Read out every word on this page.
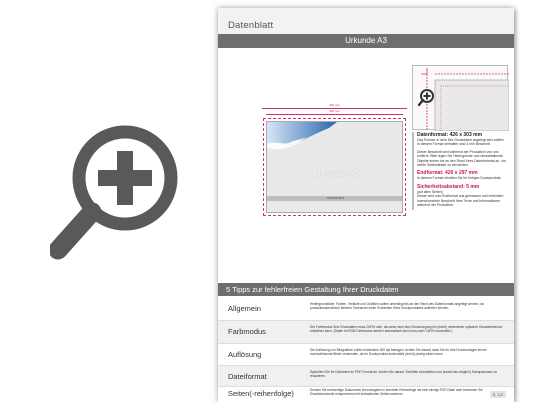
Datenblatt
Urkunde A3
426 mm
420 mm
Urkunde A3
HOCHSCHULE
Datenformat: 426 x 303 mm
Das Format, in dem Ihre Druckdaten angelegt sein sollten. In diesem Format verhalten sind 3 mm Beschnitt.
Dieser Beschnitt wird während der Produktion von uns entfernt. Bitte legen Sie Hintergründe und randabfallende Objekte immer bis an den Rand Ihres Datenformats an, um weiße Seitenränder zu vermeiden.
Endformat: 420 x 297 mm
In diesem Format erhalten Sie Ihr fertiges Druckprodukt.
Sicherheitsabstand: 5 mm
(auf allen Seiten)
Dieser wird vom Endformat aus gemessen und verhindert unerwünschten Beschnitt Ihrer Texte und Informationen während der Produktion.
5 Tipps zur fehlerfreien Gestaltung Ihrer Druckdaten
Allgemein	Hintergrundbilder, Farben, Verläufe und Grafiken sollten unbedingt bis an den Rand des Datenformats angelegt werden, da produktionstechnisch kleinere Toleranzen beim Schneiden Ihres Druckproduktes auftreten können.
Farbmodus	Der Farbmodus Ihrer Druckdaten muss CMYK sein, da sonst nach dem Druckvorgang ein (leicht) veränderter optischer Gesamteindruck entstehen kann. (Daten im RGB-Farbmodus werden automatisch durch uns nach CMYK konvertiert.)
Auflösung	Die Auflösung von Bildgrafiken sollte mindestens 300 dpi betragen. Achten Sie darauf, dass Sie für Ihre Druckvorlagen immer hochauflösende Bilder verwenden, da Ihr Druckprodukt andernfalls (leicht) pixelig wirken kann.
Dateiformat	Speichern Sie Ihr Dokument im PDF-Format ab. Achten Sie darauf, Schriften einzubetten und (soweit als möglich) Transparenzen zu reduzieren.
Seiten(-reihenfolge)	Senden Sie mehrseitige Dokumente chronologisch in korrekter Reihenfolge als eine einzige PDF-Datei oder benennen Sie Einzeldokumente entsprechend mit fortlaufenden Seitennummern.	S. 1/2
